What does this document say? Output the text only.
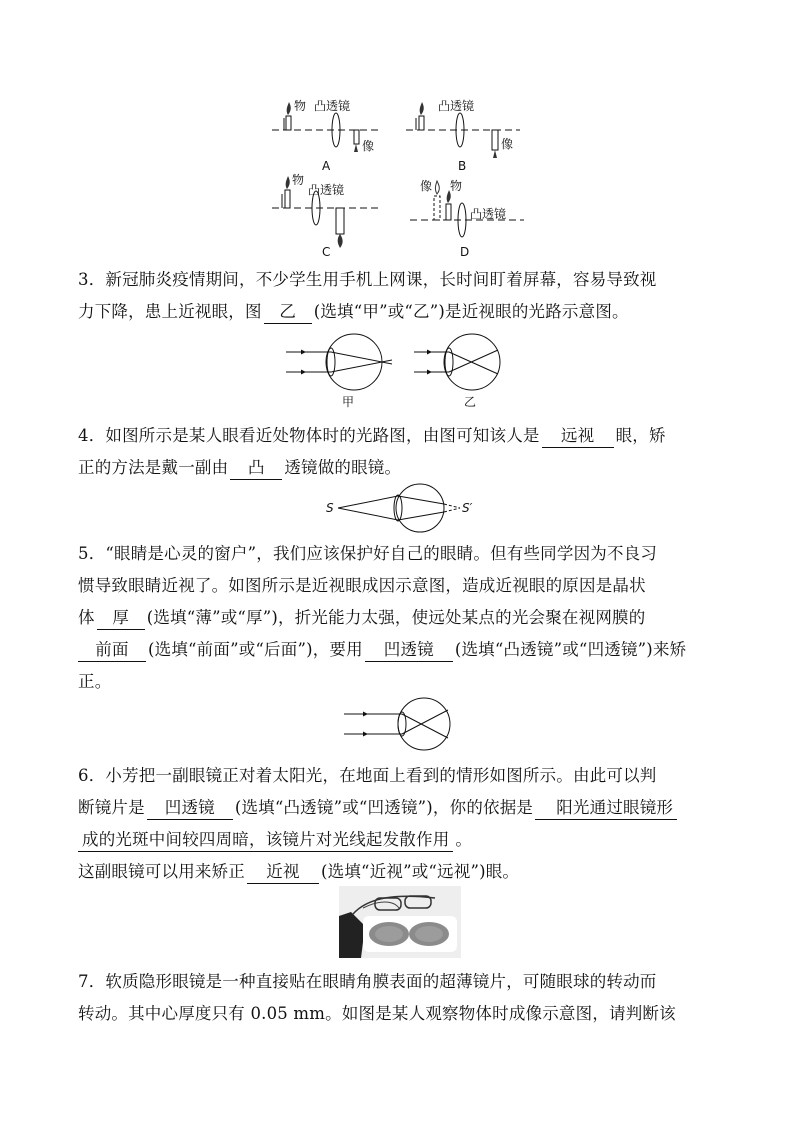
物 凸透镜
像
A
凸透镜
像
B
物
凸透镜
C
像 物
凸透镜
D
3．新冠肺炎疫情期间，不少学生用手机上网课，长时间盯着屏幕，容易导致视
力下降，患上近视眼，图 乙 (选填“甲”或“乙”)是近视眼的光路示意图。
甲	乙
4．如图所示是某人眼看近处物体时的光路图，由图可知该人是 远视 眼，矫
正的方法是戴一副由 凸 透镜做的眼镜。
S	S′
5．“眼睛是心灵的窗户”，我们应该保护好自己的眼睛。但有些同学因为不良习
惯导致眼睛近视了。如图所示是近视眼成因示意图，造成近视眼的原因是晶状
体 厚 (选填“薄”或“厚”)，折光能力太强，使远处某点的光会聚在视网膜的
前面 (选填“前面”或“后面”)，要用 凹透镜 (选填“凸透镜”或“凹透镜”)来矫
正。
6．小芳把一副眼镜正对着太阳光，在地面上看到的情形如图所示。由此可以判
断镜片是 凹透镜 (选填“凸透镜”或“凹透镜”)，你的依据是 阳光通过眼镜形
成的光斑中间较四周暗，该镜片对光线起发散作用 。
这副眼镜可以用来矫正 近视 (选填“近视”或“远视”)眼。
7．软质隐形眼镜是一种直接贴在眼睛角膜表面的超薄镜片，可随眼球的转动而
转动。其中心厚度只有 0.05 mm。如图是某人观察物体时成像示意图，请判断该
